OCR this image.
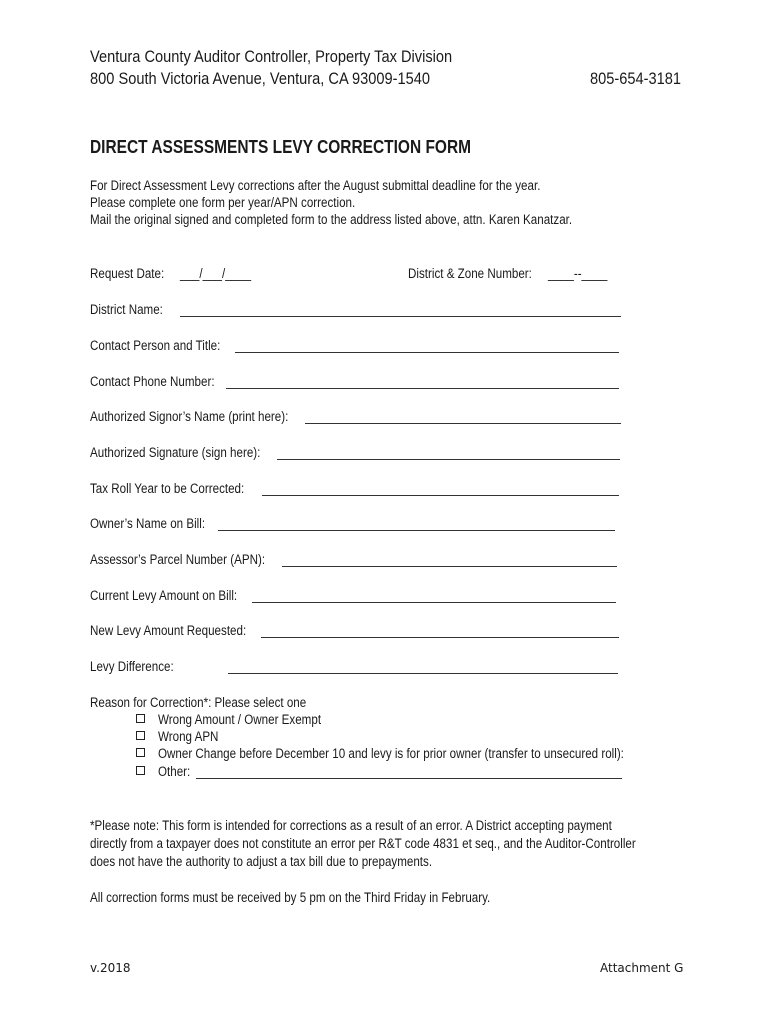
Ventura County Auditor Controller, Property Tax Division
800 South Victoria Avenue, Ventura, CA 93009-1540	805-654-3181
DIRECT ASSESSMENTS LEVY CORRECTION FORM
For Direct Assessment Levy corrections after the August submittal deadline for the year.
Please complete one form per year/APN correction.
Mail the original signed and completed form to the address listed above, attn. Karen Kanatzar.
Request Date:	___/___/____	District & Zone Number:	____--____
District Name:
Contact Person and Title:
Contact Phone Number:
Authorized Signor’s Name (print here):
Authorized Signature (sign here):
Tax Roll Year to be Corrected:
Owner’s Name on Bill:
Assessor’s Parcel Number (APN):
Current Levy Amount on Bill:
New Levy Amount Requested:
Levy Difference:
Reason for Correction*: Please select one
Wrong Amount / Owner Exempt
Wrong APN
Owner Change before December 10 and levy is for prior owner (transfer to unsecured roll):
Other:
*Please note: This form is intended for corrections as a result of an error. A District accepting payment
directly from a taxpayer does not constitute an error per R&T code 4831 et seq., and the Auditor-Controller
does not have the authority to adjust a tax bill due to prepayments.
All correction forms must be received by 5 pm on the Third Friday in February.
v.2018	Attachment G
